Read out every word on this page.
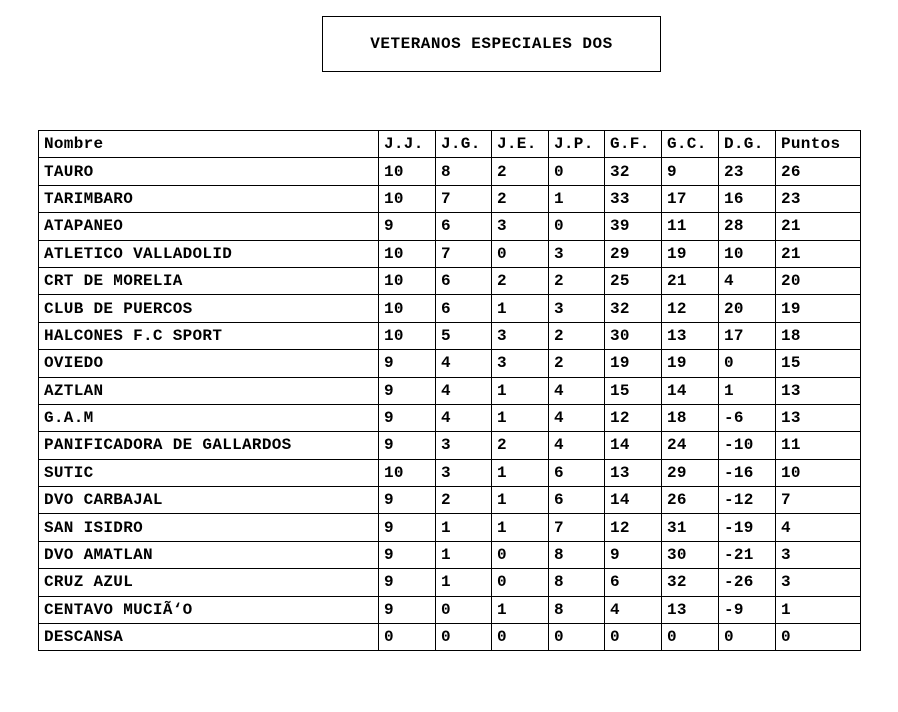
VETERANOS ESPECIALES DOS
Nombre	J.J.	J.G.	J.E.	J.P.	G.F.	G.C.	D.G.	Puntos
TAURO	10	8	2	0	32	9	23	26
TARIMBARO	10	7	2	1	33	17	16	23
ATAPANEO	9	6	3	0	39	11	28	21
ATLETICO VALLADOLID	10	7	0	3	29	19	10	21
CRT DE MORELIA	10	6	2	2	25	21	4	20
CLUB DE PUERCOS	10	6	1	3	32	12	20	19
HALCONES F.C SPORT	10	5	3	2	30	13	17	18
OVIEDO	9	4	3	2	19	19	0	15
AZTLAN	9	4	1	4	15	14	1	13
G.A.M	9	4	1	4	12	18	-6	13
PANIFICADORA DE GALLARDOS	9	3	2	4	14	24	-10	11
SUTIC	10	3	1	6	13	29	-16	10
DVO CARBAJAL	9	2	1	6	14	26	-12	7
SAN ISIDRO	9	1	1	7	12	31	-19	4
DVO AMATLAN	9	1	0	8	9	30	-21	3
CRUZ AZUL	9	1	0	8	6	32	-26	3
CENTAVO MUCIÃ‘O	9	0	1	8	4	13	-9	1
DESCANSA	0	0	0	0	0	0	0	0
